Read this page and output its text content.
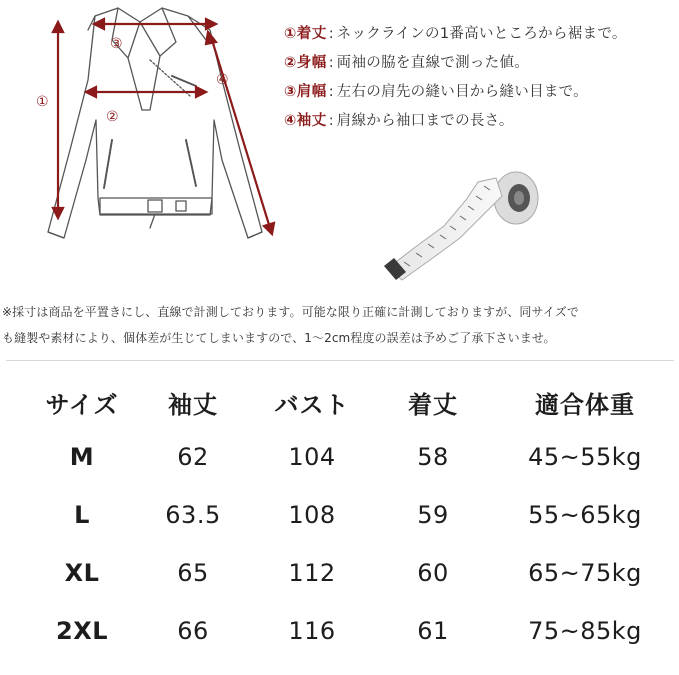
①
②
③
④
①着丈 : ネックラインの1番高いところから裾まで。
②身幅 : 両袖の脇を直線で測った値。
③肩幅 : 左右の肩先の縫い目から縫い目まで。
④袖丈 : 肩線から袖口までの長さ。
※採寸は商品を平置きにし、直線で計測しております。可能な限り正確に計測しておりますが、同サイズで
も縫製や素材により、個体差が生じてしまいますので、1〜2cm程度の誤差は予めご了承下さいませ。
サイズ 袖丈 バスト 着丈	適合体重
M	62	104	58	45~55kg
L	63.5	108	59	55~65kg
XL	65	112	60	65~75kg
2XL	66	116	61	75~85kg
